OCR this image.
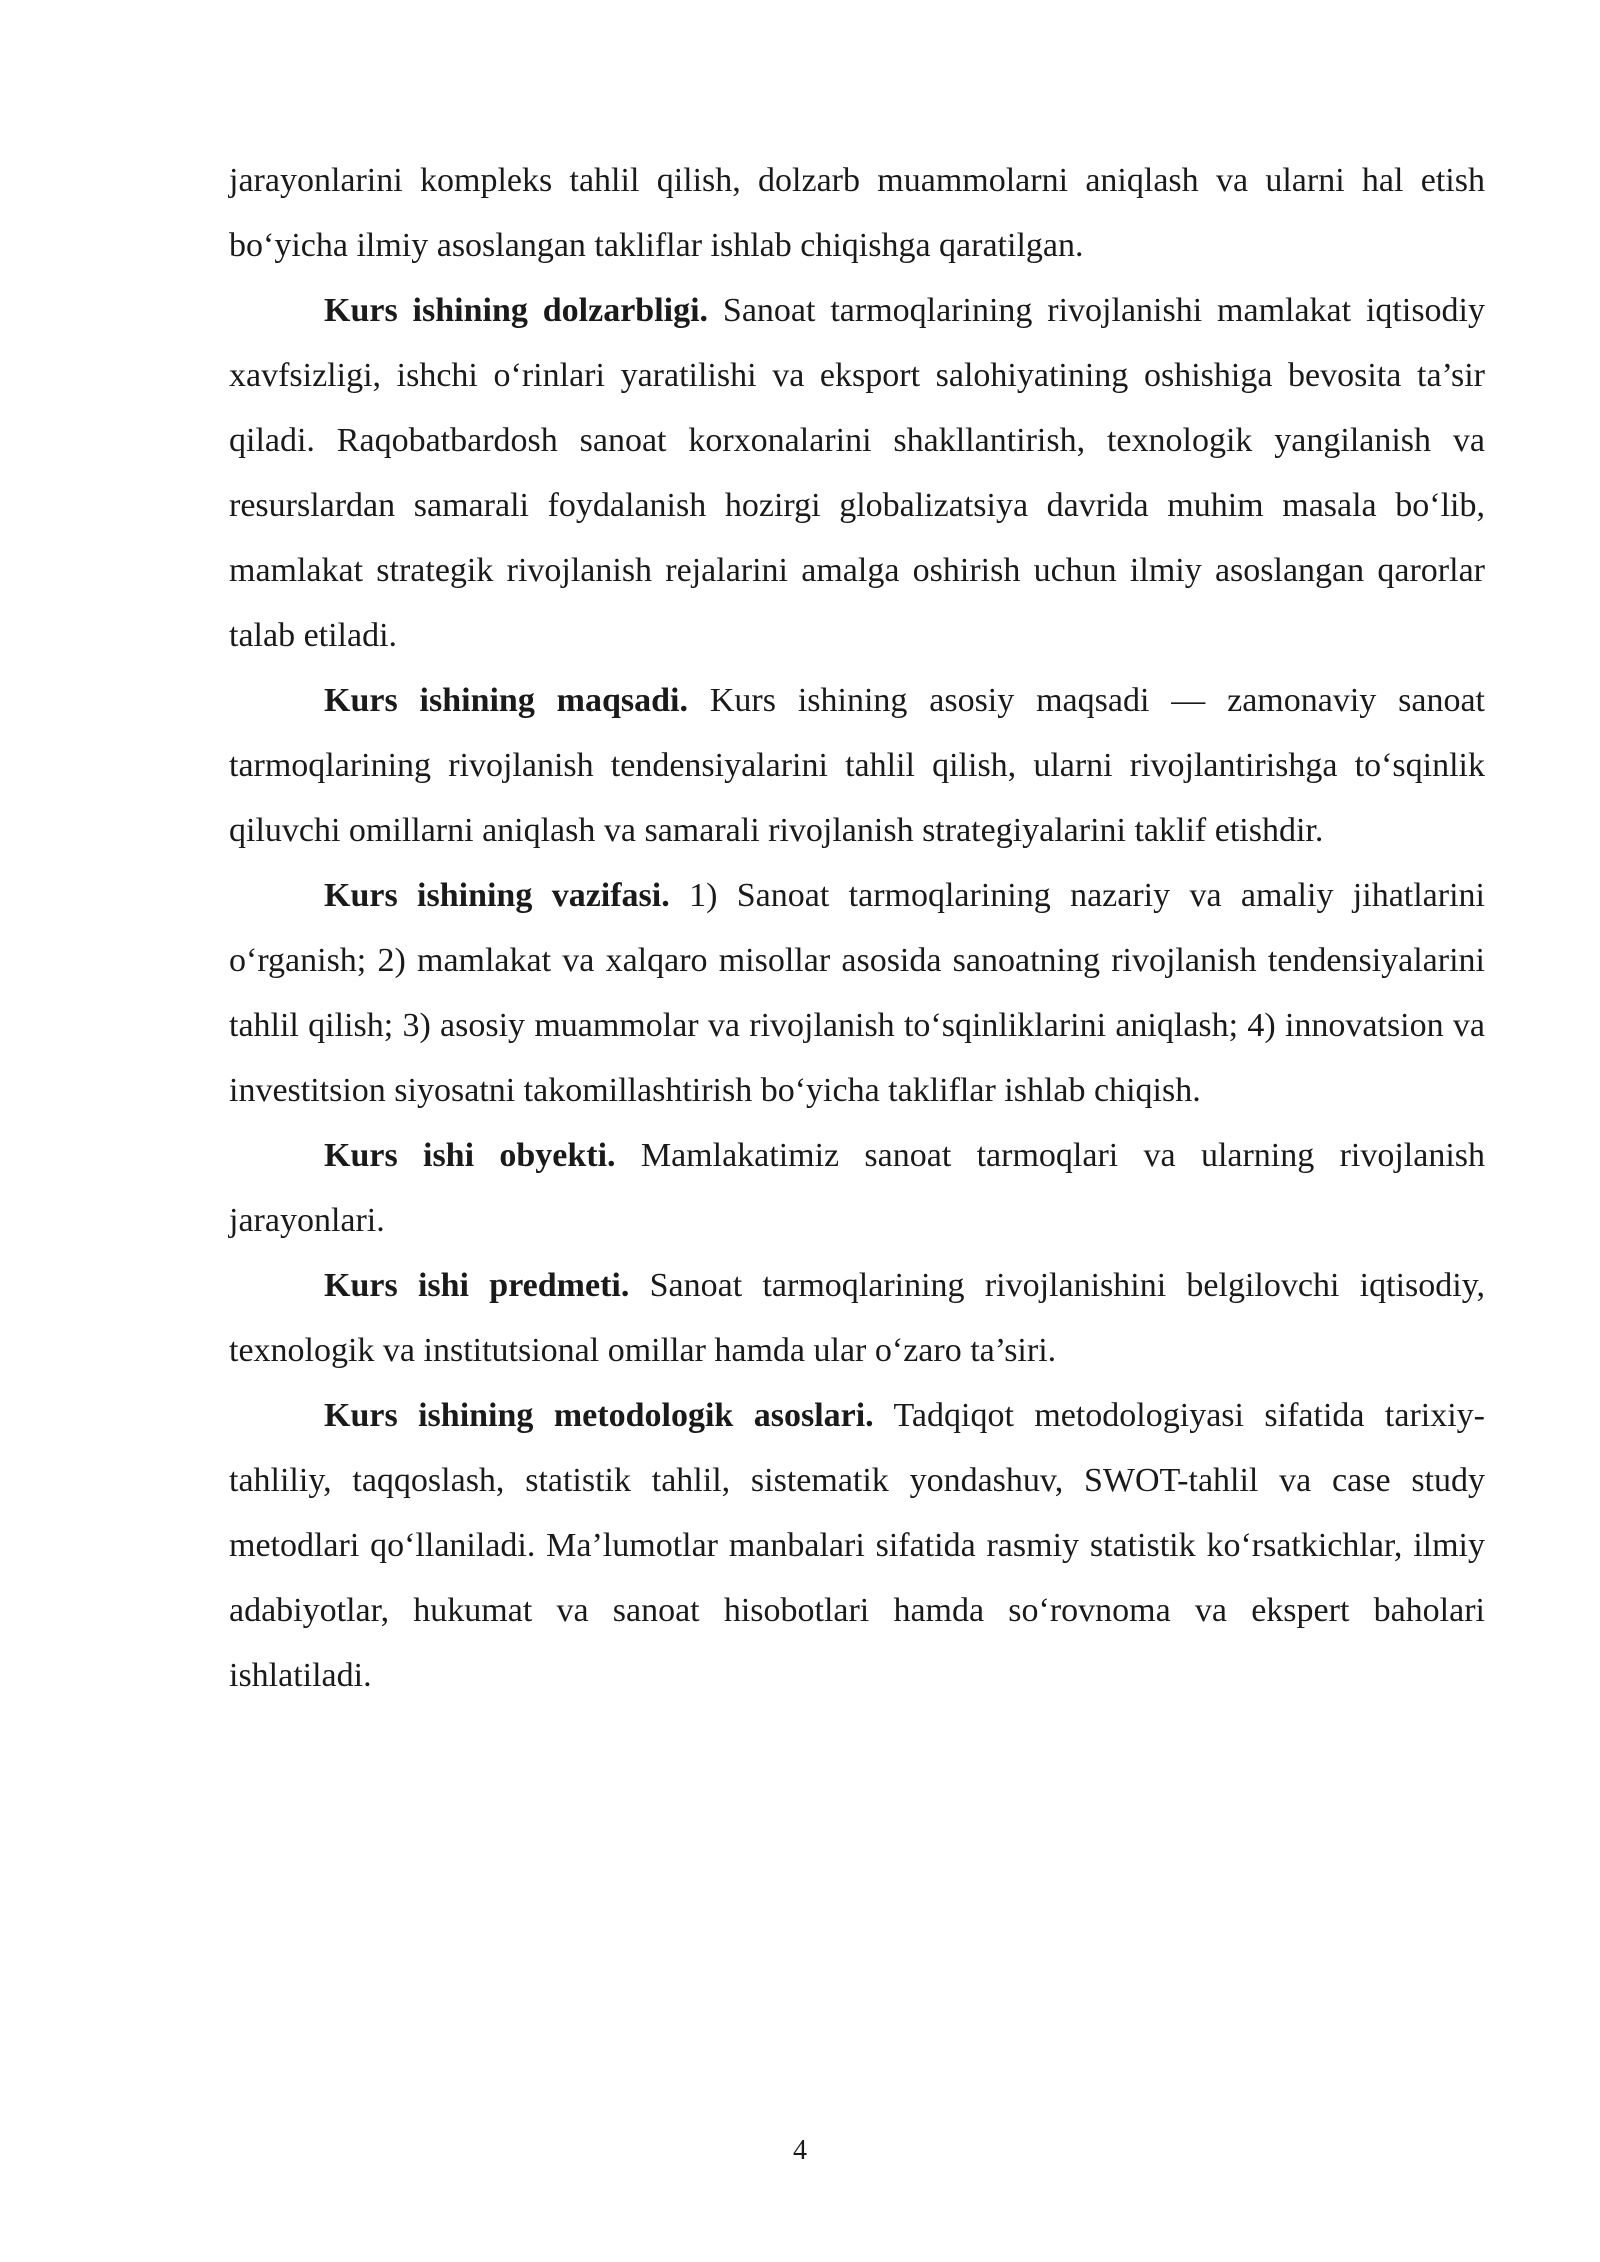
jarayonlarini kompleks tahlil qilish, dolzarb muammolarni aniqlash va ularni hal etish bo‘yicha ilmiy asoslangan takliflar ishlab chiqishga qaratilgan.

Kurs ishining dolzarbligi. Sanoat tarmoqlarining rivojlanishi mamlakat iqtisodiy xavfsizligi, ishchi o‘rinlari yaratilishi va eksport salohiyatining oshishiga bevosita ta’sir qiladi. Raqobatbardosh sanoat korxonalarini shakllantirish, texnologik yangilanish va resurslardan samarali foydalanish hozirgi globalizatsiya davrida muhim masala bo‘lib, mamlakat strategik rivojlanish rejalarini amalga oshirish uchun ilmiy asoslangan qarorlar talab etiladi.

Kurs ishining maqsadi. Kurs ishining asosiy maqsadi — zamonaviy sanoat tarmoqlarining rivojlanish tendensiyalarini tahlil qilish, ularni rivojlantirishga to‘sqinlik qiluvchi omillarni aniqlash va samarali rivojlanish strategiyalarini taklif etishdir.

Kurs ishining vazifasi. 1) Sanoat tarmoqlarining nazariy va amaliy jihatlarini o‘rganish; 2) mamlakat va xalqaro misollar asosida sanoatning rivojlanish tendensiyalarini tahlil qilish; 3) asosiy muammolar va rivojlanish to‘sqinliklarini aniqlash; 4) innovatsion va investitsion siyosatni takomillashtirish bo‘yicha takliflar ishlab chiqish.

Kurs ishi obyekti. Mamlakatimiz sanoat tarmoqlari va ularning rivojlanish jarayonlari.

Kurs ishi predmeti. Sanoat tarmoqlarining rivojlanishini belgilovchi iqtisodiy, texnologik va institutsional omillar hamda ular o‘zaro ta’siri.

Kurs ishining metodologik asoslari. Tadqiqot metodologiyasi sifatida tarixiy-tahliliy, taqqoslash, statistik tahlil, sistematik yondashuv, SWOT-tahlil va case study metodlari qo‘llaniladi. Ma’lumotlar manbalari sifatida rasmiy statistik ko‘rsatkichlar, ilmiy adabiyotlar, hukumat va sanoat hisobotlari hamda so‘rovnoma va ekspert baholari ishlatiladi.

4
